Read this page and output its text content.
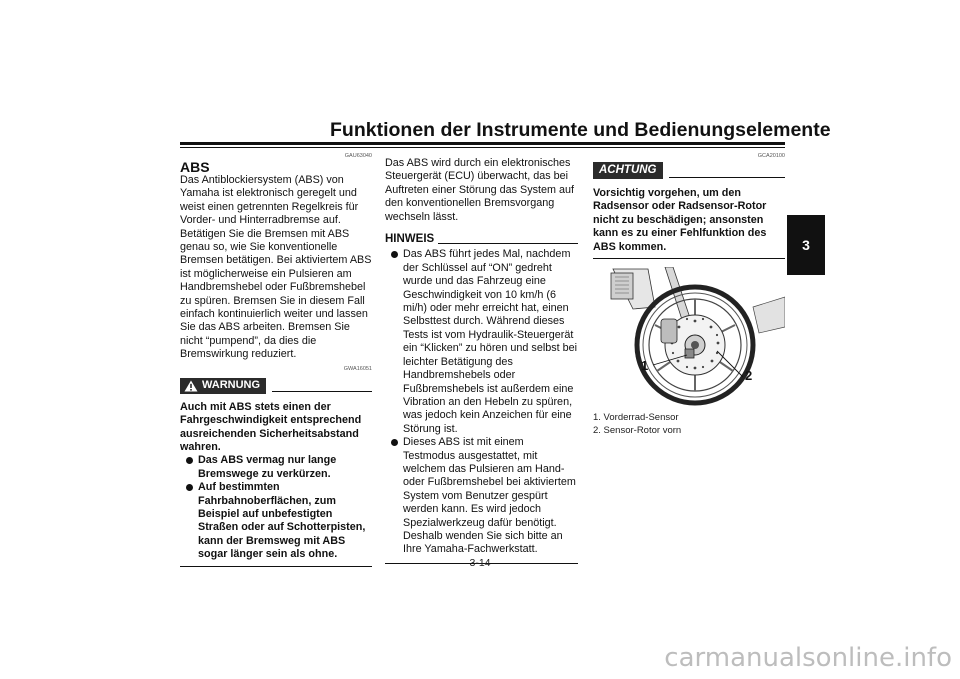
Funktionen der Instrumente und Bedienungselemente
3
GAU63040
ABS

Das Antiblockiersystem (ABS) von Yamaha ist elektronisch geregelt und weist einen getrennten Regelkreis für Vorder- und Hinterradbremse auf.

Betätigen Sie die Bremsen mit ABS genau so, wie Sie konventionelle Bremsen betätigen. Bei aktiviertem ABS ist möglicherweise ein Pulsieren am Handbremshebel oder Fußbremshebel zu spüren. Bremsen Sie in diesem Fall einfach kontinuierlich weiter und lassen Sie das ABS arbeiten. Bremsen Sie nicht “pumpend”, da dies die Bremswirkung reduziert.

GWA16051
WARNUNG

Auch mit ABS stets einen der Fahrgeschwindigkeit entsprechend ausreichenden Sicherheitsabstand wahren.

Das ABS vermag nur lange Bremswege zu verkürzen.
Auf bestimmten Fahrbahnoberflächen, zum Beispiel auf unbefestigten Straßen oder auf Schotterpisten, kann der Bremsweg mit ABS sogar länger sein als ohne.

Das ABS wird durch ein elektronisches Steuergerät (ECU) überwacht, das bei Auftreten einer Störung das System auf den konventionellen Bremsvorgang wechseln lässt.

HINWEIS
Das ABS führt jedes Mal, nachdem der Schlüssel auf “ON” gedreht wurde und das Fahrzeug eine Geschwindigkeit von 10 km/h (6 mi/h) oder mehr erreicht hat, einen Selbsttest durch. Während dieses Tests ist vom Hydraulik-Steuergerät ein “Klicken” zu hören und selbst bei leichter Betätigung des Handbremshebels oder Fußbremshebels ist außerdem eine Vibration an den Hebeln zu spüren, was jedoch kein Anzeichen für eine Störung ist.
Dieses ABS ist mit einem Testmodus ausgestattet, mit welchem das Pulsieren am Hand- oder Fußbremshebel bei aktiviertem System vom Benutzer gespürt werden kann. Es wird jedoch Spezialwerkzeug dafür benötigt. Deshalb wenden Sie sich bitte an Ihre Yamaha-Fachwerkstatt.
GCA20100
ACHTUNG

Vorsichtig vorgehen, um den Radsensor oder Radsensor-Rotor nicht zu beschädigen; ansonsten kann es zu einer Fehlfunktion des ABS kommen.

1
2
1. Vorderrad-Sensor
2. Sensor-Rotor vorn
3-14
carmanualsonline.info
